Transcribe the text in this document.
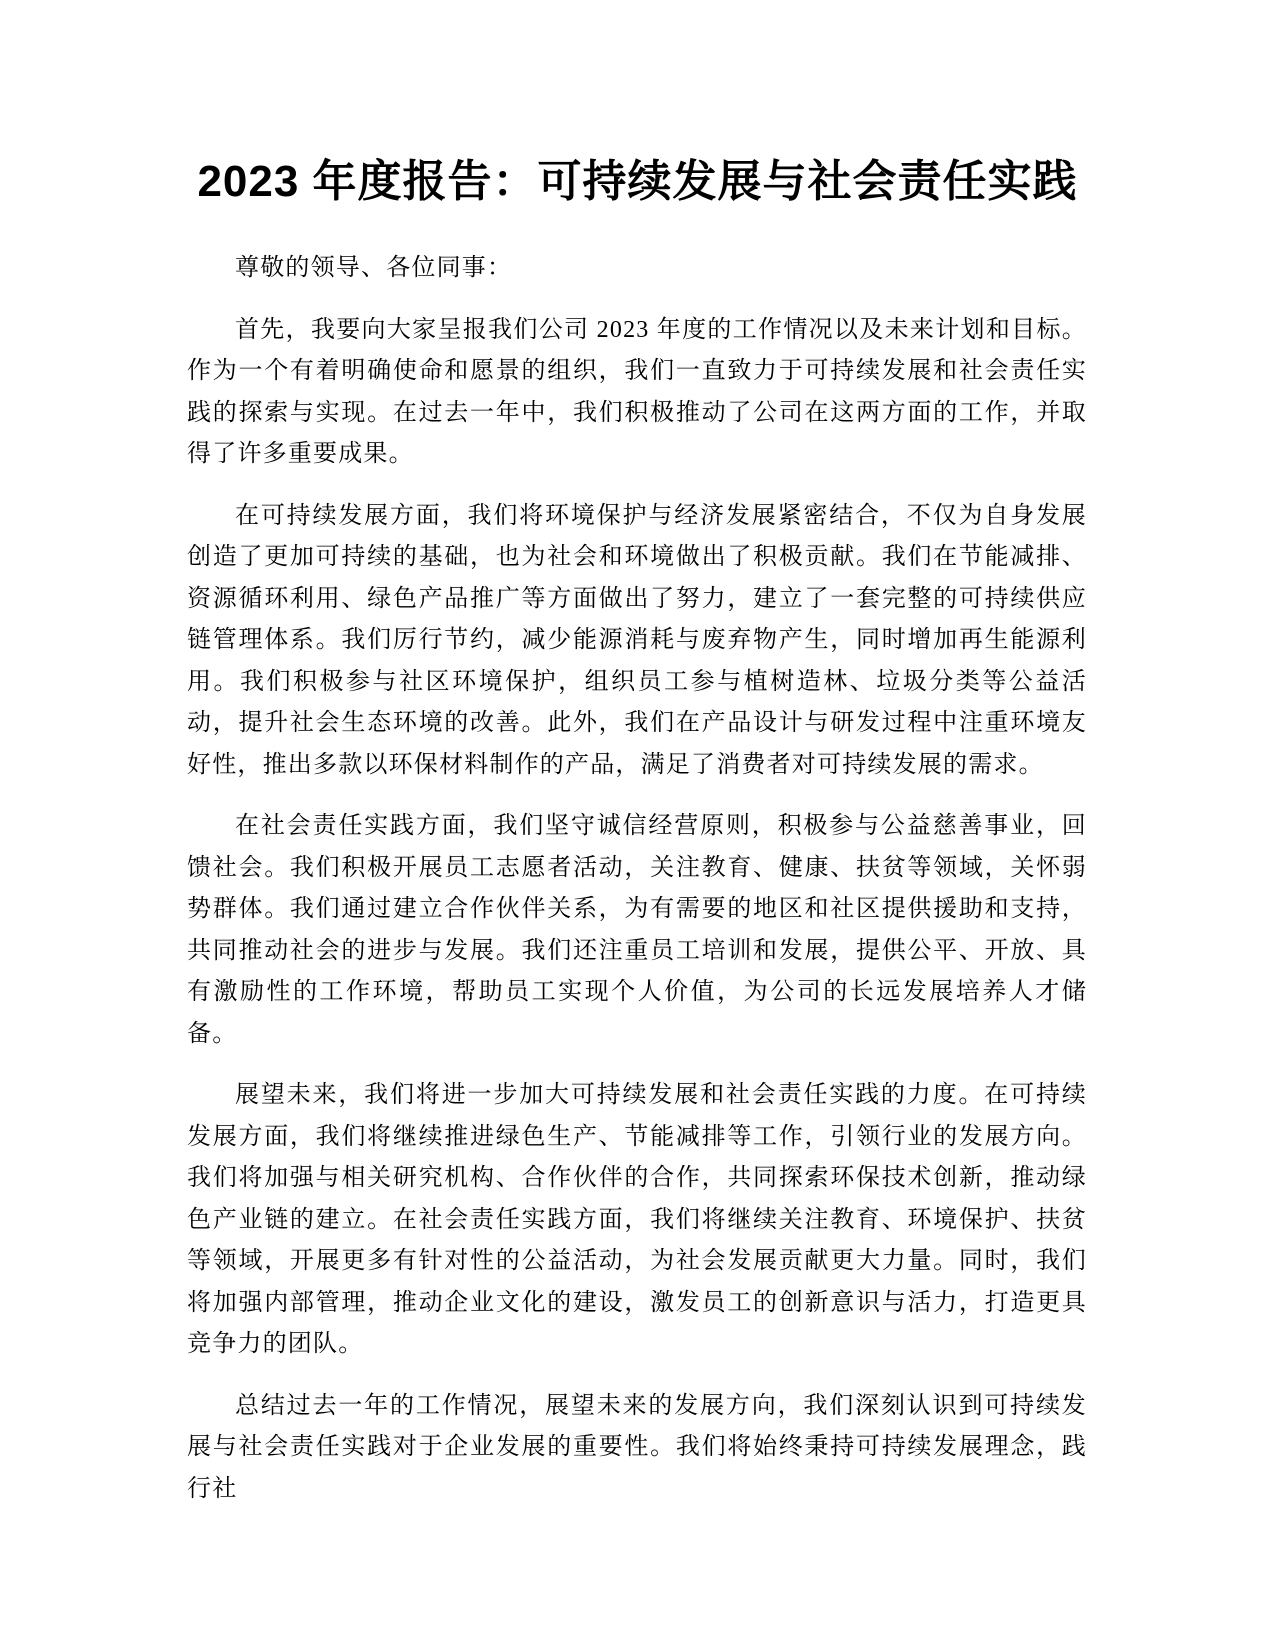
2023 年度报告：可持续发展与社会责任实践

尊敬的领导、各位同事：

首先，我要向大家呈报我们公司 2023 年度的工作情况以及未来计划和目标。作为一个有着明确使命和愿景的组织，我们一直致力于可持续发展和社会责任实践的探索与实现。在过去一年中，我们积极推动了公司在这两方面的工作，并取得了许多重要成果。

在可持续发展方面，我们将环境保护与经济发展紧密结合，不仅为自身发展创造了更加可持续的基础，也为社会和环境做出了积极贡献。我们在节能减排、资源循环利用、绿色产品推广等方面做出了努力，建立了一套完整的可持续供应链管理体系。我们厉行节约，减少能源消耗与废弃物产生，同时增加再生能源利用。我们积极参与社区环境保护，组织员工参与植树造林、垃圾分类等公益活动，提升社会生态环境的改善。此外，我们在产品设计与研发过程中注重环境友好性，推出多款以环保材料制作的产品，满足了消费者对可持续发展的需求。

在社会责任实践方面，我们坚守诚信经营原则，积极参与公益慈善事业，回馈社会。我们积极开展员工志愿者活动，关注教育、健康、扶贫等领域，关怀弱势群体。我们通过建立合作伙伴关系，为有需要的地区和社区提供援助和支持，共同推动社会的进步与发展。我们还注重员工培训和发展，提供公平、开放、具有激励性的工作环境，帮助员工实现个人价值，为公司的长远发展培养人才储备。

展望未来，我们将进一步加大可持续发展和社会责任实践的力度。在可持续发展方面，我们将继续推进绿色生产、节能减排等工作，引领行业的发展方向。我们将加强与相关研究机构、合作伙伴的合作，共同探索环保技术创新，推动绿色产业链的建立。在社会责任实践方面，我们将继续关注教育、环境保护、扶贫等领域，开展更多有针对性的公益活动，为社会发展贡献更大力量。同时，我们将加强内部管理，推动企业文化的建设，激发员工的创新意识与活力，打造更具竞争力的团队。

总结过去一年的工作情况，展望未来的发展方向，我们深刻认识到可持续发展与社会责任实践对于企业发展的重要性。我们将始终秉持可持续发展理念，践行社
